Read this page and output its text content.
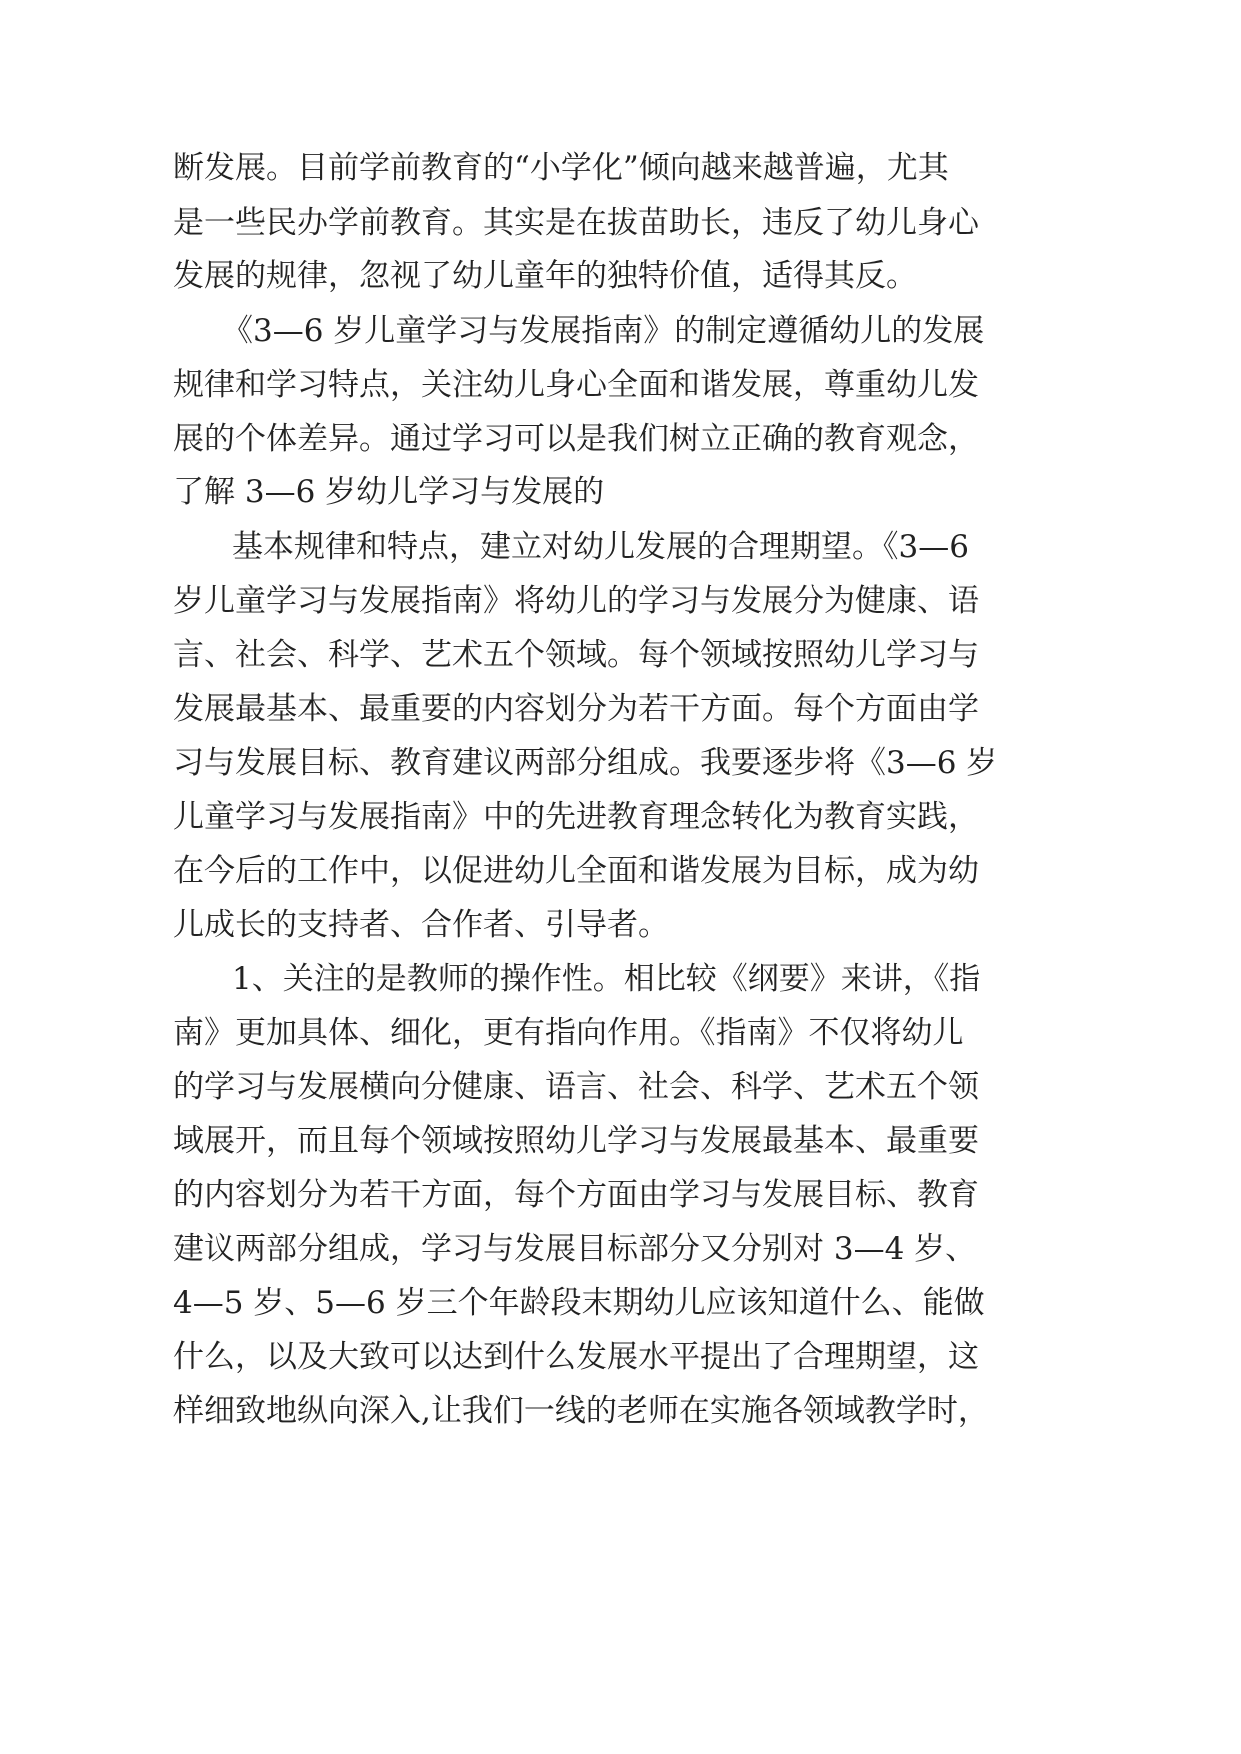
断发展。目前学前教育的“小学化”倾向越来越普遍，尤其
是一些民办学前教育。其实是在拔苗助长，违反了幼儿身心
发展的规律，忽视了幼儿童年的独特价值，适得其反。
《3—6 岁儿童学习与发展指南》的制定遵循幼儿的发展
规律和学习特点，关注幼儿身心全面和谐发展，尊重幼儿发
展的个体差异。通过学习可以是我们树立正确的教育观念，
了解 3—6 岁幼儿学习与发展的
基本规律和特点，建立对幼儿发展的合理期望。《3—6
岁儿童学习与发展指南》将幼儿的学习与发展分为健康、语
言、社会、科学、艺术五个领域。每个领域按照幼儿学习与
发展最基本、最重要的内容划分为若干方面。每个方面由学
习与发展目标、教育建议两部分组成。我要逐步将《3—6 岁
儿童学习与发展指南》中的先进教育理念转化为教育实践，
在今后的工作中，以促进幼儿全面和谐发展为目标，成为幼
儿成长的支持者、合作者、引导者。
1、关注的是教师的操作性。相比较《纲要》来讲，《指
南》更加具体、细化，更有指向作用。《指南》不仅将幼儿
的学习与发展横向分健康、语言、社会、科学、艺术五个领
域展开，而且每个领域按照幼儿学习与发展最基本、最重要
的内容划分为若干方面，每个方面由学习与发展目标、教育
建议两部分组成，学习与发展目标部分又分别对 3—4 岁、
4—5 岁、5—6 岁三个年龄段末期幼儿应该知道什么、能做
什么，以及大致可以达到什么发展水平提出了合理期望，这
样细致地纵向深入,让我们一线的老师在实施各领域教学时，
